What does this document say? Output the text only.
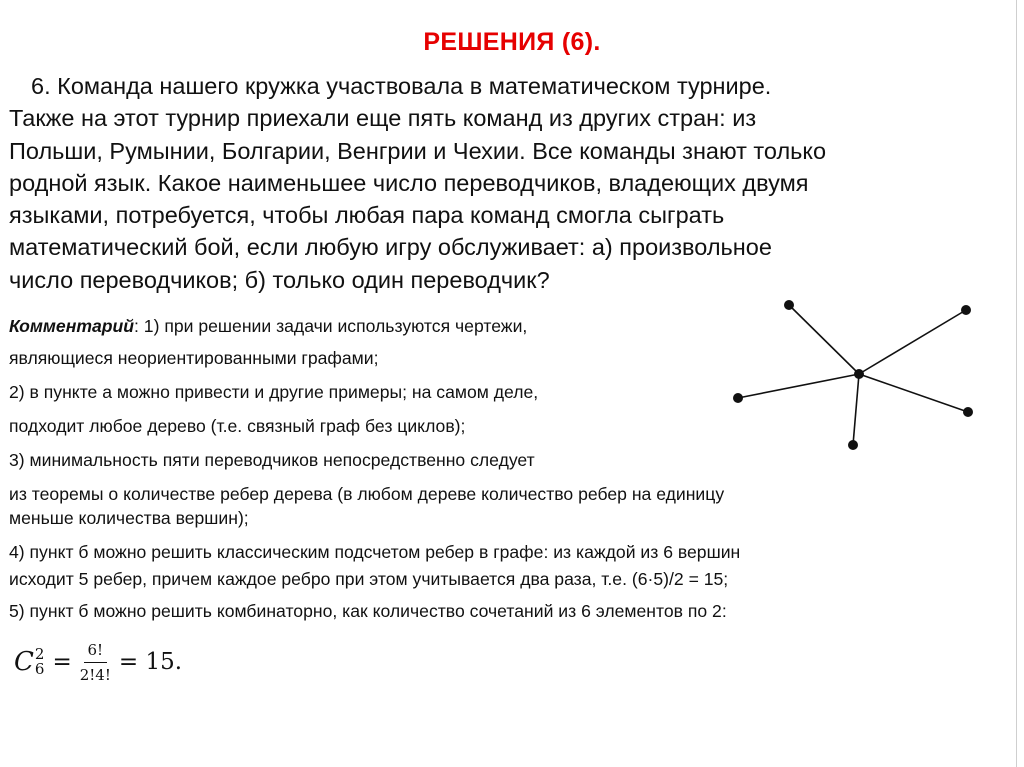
РЕШЕНИЯ (6).

6. Команда нашего кружка участвовала в математическом турнире.
Также на этот турнир приехали еще пять команд из других стран: из
Польши, Румынии, Болгарии, Венгрии и Чехии. Все команды знают только
родной язык. Какое наименьшее число переводчиков, владеющих двумя
языками, потребуется, чтобы любая пара команд смогла сыграть
математический бой, если любую игру обслуживает: а) произвольное
число переводчиков; б) только один переводчик?

Комментарий: 1) при решении задачи используются чертежи,
являющиеся неориентированными графами;
2) в пункте а можно привести и другие примеры; на самом деле,
подходит любое дерево (т.е. связный граф без циклов);
3) минимальность пяти переводчиков непосредственно следует
из теоремы о количестве ребер дерева (в любом дереве количество ребер на единицу
меньше количества вершин);
4) пункт б можно решить классическим подсчетом ребер в графе: из каждой из 6 вершин
исходит 5 ребер, причем каждое ребро при этом учитывается два раза, т.е. (6·5)/2 = 15;
5) пункт б можно решить комбинаторно, как количество сочетаний из 6 элементов по 2:
C 2
$6 = \frac{6!}{2!4!} = 15$.
